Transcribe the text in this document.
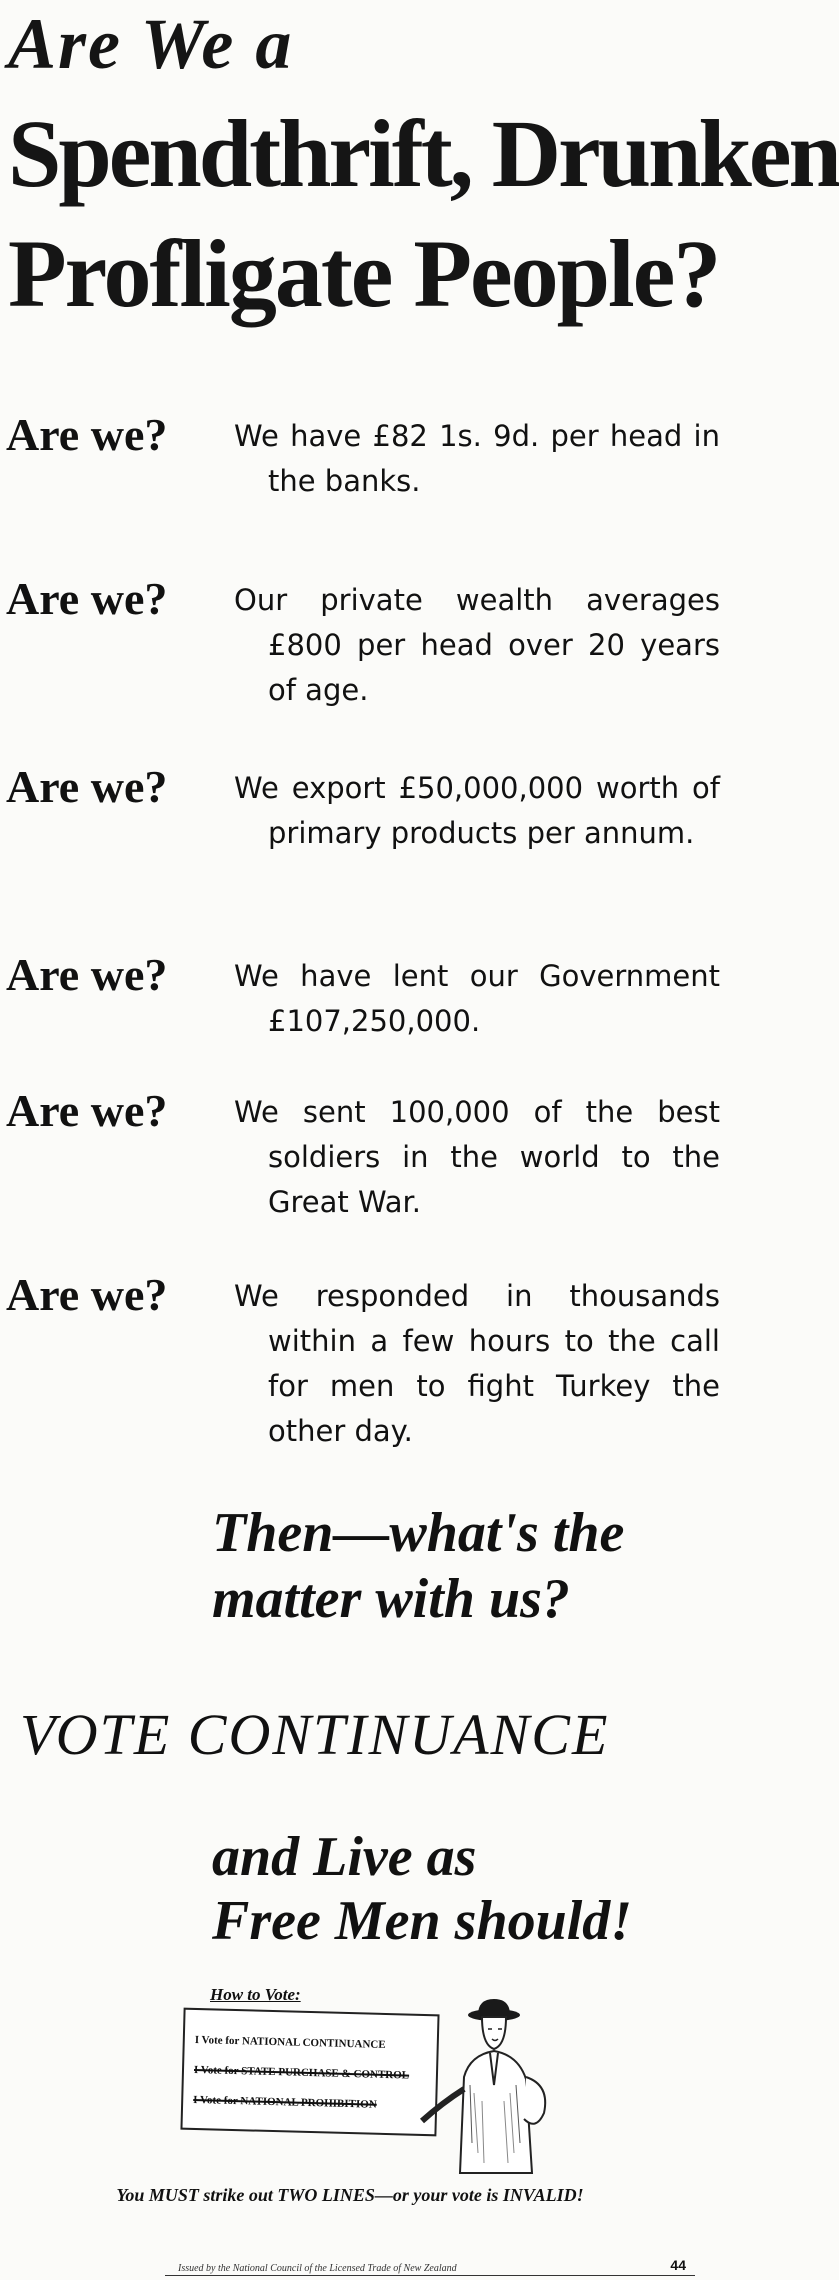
Are We a
Spendthrift, Drunken
Profligate People?
Are we? We have £82 1s. 9d. per head in the banks.
Are we? Our private wealth averages £800 per head over 20 years of age.
Are we? We export £50,000,000 worth of primary products per annum.
Are we? We have lent our Government £107,250,000.
Are we? We sent 100,000 of the best soldiers in the world to the Great War.
Are we? We responded in thousands within a few hours to the call for men to fight Turkey the other day.
Then—what's the
matter with us?
VOTE CONTINUANCE
and Live as
Free Men should!
How to Vote:
I Vote for NATIONAL CONTINUANCE
I Vote for STATE PURCHASE & CONTROL
I Vote for NATIONAL PROHIBITION
You MUST strike out TWO LINES—or your vote is INVALID!
Issued by the National Council of the Licensed Trade of New Zealand	44
